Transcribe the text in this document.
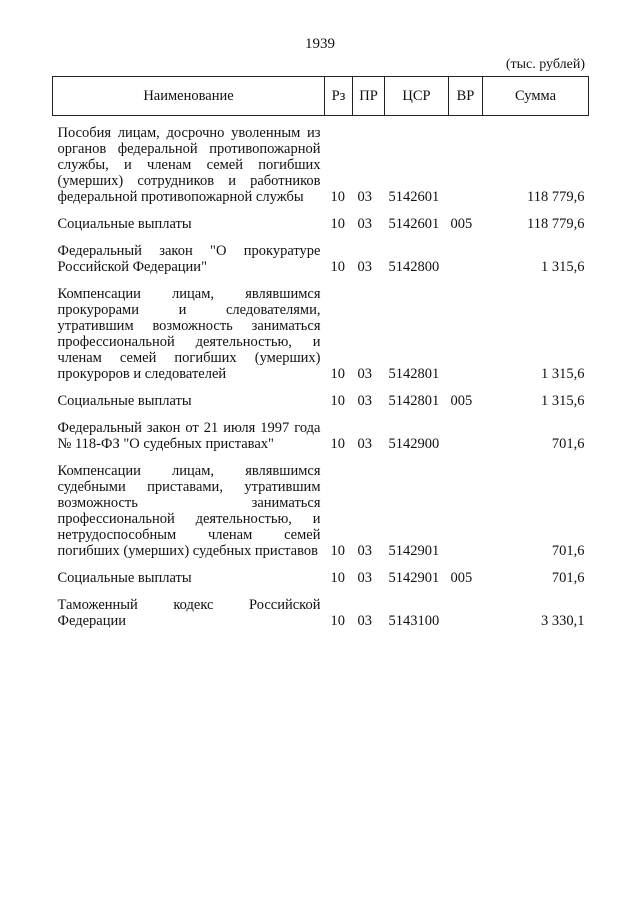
1939
(тыс. рублей)
Наименование	Рз	ПР	ЦСР	ВР	Сумма

Пособия лицам, досрочно уволенным из органов федеральной противопожарной службы, и членам семей погибших (умерших) сотрудников и работников федеральной противопожарной службы	10	03	5142601		118 779,6

Социальные выплаты	10	03	5142601	005	118 779,6

Федеральный закон "О прокуратуре Российской Федерации"	10	03	5142800		1 315,6

Компенсации лицам, являвшимся прокурорами и следователями, утратившим возможность заниматься профессиональной деятельностью, и членам семей погибших (умерших) прокуроров и следователей	10	03	5142801		1 315,6

Социальные выплаты	10	03	5142801	005	1 315,6

Федеральный закон от 21 июля 1997 года № 118-ФЗ "О судебных приставах"	10	03	5142900		701,6

Компенсации лицам, являвшимся судебными приставами, утратившим возможность заниматься профессиональной деятельностью, и нетрудоспособным членам семей погибших (умерших) судебных приставов	10	03	5142901		701,6

Социальные выплаты	10	03	5142901	005	701,6

Таможенный кодекс Российской Федерации	10	03	5143100		3 330,1
